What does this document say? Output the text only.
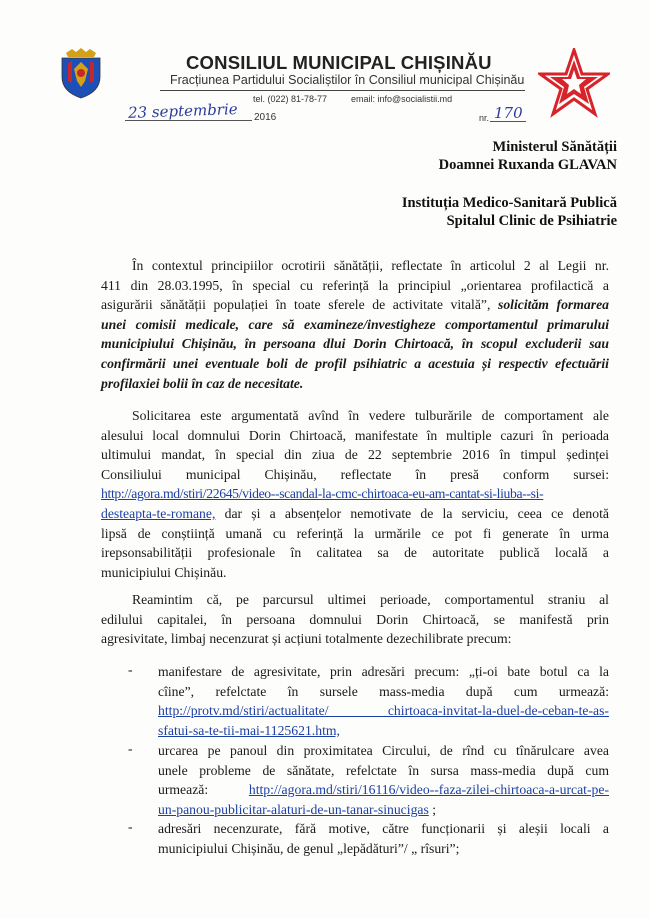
CONSILIUL MUNICIPAL CHIȘINĂU
Fracțiunea Partidului Socialiștilor în Consiliul municipal Chișinău
tel. (022) 81-78-77	email: info@socialistii.md
23 septembrie 2016	nr. 170
Ministerul Sănătății
Doamnei Ruxanda GLAVAN
Instituția Medico-Sanitară Publică
Spitalul Clinic de Psihiatrie

În contextul principiilor ocrotirii sănătății, reflectate în articolul 2 al Legii nr.

411 din 28.03.1995, în special cu referință la principiul „orientarea profilactică a

asigurării sănătății populației în toate sferele de activitate vitală”, solicităm formarea

unei comisii medicale, care să examineze/investigheze comportamentul primarului

municipiului Chișinău, în persoana dlui Dorin Chirtoacă, în scopul excluderii sau

confirmării unei eventuale boli de profil psihiatric a acestuia și respectiv efectuării

profilaxiei bolii în caz de necesitate.

Solicitarea este argumentată avînd în vedere tulburările de comportament ale

alesului local domnului Dorin Chirtoacă, manifestate în multiple cazuri în perioada

ultimului mandat, în special din ziua de 22 septembrie 2016 în timpul ședinței

Consiliului municipal Chișinău, reflectate în presă conform sursei:

http://agora.md/stiri/22645/video--scandal-la-cmc-chirtoaca-eu-am-cantat-si-liuba--si-

desteapta-te-romane, dar și a absențelor nemotivate de la serviciu, ceea ce denotă

lipsă de conștiință umană cu referință la urmările ce pot fi generate în urma

irepsonsabilității profesionale în calitatea sa de autoritate publică locală a

municipiului Chișinău.

Reamintim că, pe parcursul ultimei perioade, comportamentul straniu al

edilului capitalei, în persoana domnului Dorin Chirtoacă, se manifestă prin

agresivitate, limbaj necenzurat și acțiuni totalmente dezechilibrate precum:

- manifestare de agresivitate, prin adresări precum: „ți-oi bate botul ca la

cîine”, refelctate în sursele mass-media după cum urmează:

http://protv.md/stiri/actualitate/ chirtoaca-invitat-la-duel-de-ceban-te-as-

sfatui-sa-te-tii-mai-1125621.htm,

- urcarea pe panoul din proximitatea Circului, de rînd cu tînărulcare avea

unele probleme de sănătate, refelctate în sursa mass-media după cum

urmează:	http://agora.md/stiri/16116/video--faza-zilei-chirtoaca-a-urcat-pe-

un-panou-publicitar-alaturi-de-un-tanar-sinucigas ;

- adresări necenzurate, fără motive, către funcționarii și aleșii locali a

municipiului Chișinău, de genul „lepădături”/ „ rîsuri”;
